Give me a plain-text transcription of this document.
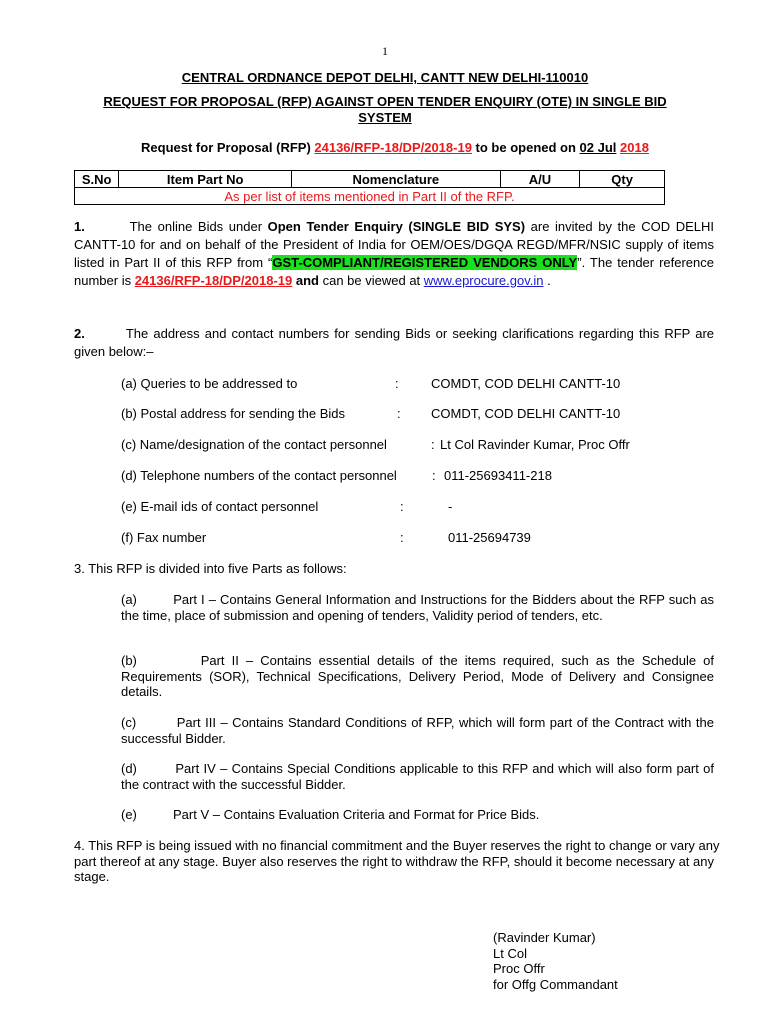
1
CENTRAL ORDNANCE DEPOT DELHI, CANTT NEW DELHI-110010
REQUEST FOR PROPOSAL (RFP) AGAINST OPEN TENDER ENQUIRY (OTE) IN SINGLE BID
SYSTEM
Request for Proposal (RFP) 24136/RFP-18/DP/2018-19 to be opened on 02 Jul 2018
S.No	Item Part No	Nomenclature	A/U	Qty
As per list of items mentioned in Part II of the RFP.
1.	The online Bids under Open Tender Enquiry (SINGLE BID SYS) are invited by the COD DELHI CANTT-10 for and on behalf of the President of India for OEM/OES/DGQA REGD/MFR/NSIC supply of items listed in Part II of this RFP from “GST-COMPLIANT/REGISTERED VENDORS ONLY”. The tender reference number is 24136/RFP-18/DP/2018-19 and can be viewed at www.eprocure.gov.in .
2.	The address and contact numbers for sending Bids or seeking clarifications regarding this RFP are given below:–
(a) Queries to be addressed to	: COMDT, COD DELHI CANTT-10
(b) Postal address for sending the Bids	: COMDT, COD DELHI CANTT-10
(c) Name/designation of the contact personnel	: Lt Col Ravinder Kumar, Proc Offr
(d) Telephone numbers of the contact personnel	: 011-25693411-218
(e) E-mail ids of contact personnel	:	-
(f) Fax number	:	011-25694739
3. This RFP is divided into five Parts as follows:
(a)	Part I – Contains General Information and Instructions for the Bidders about the RFP such as the time, place of submission and opening of tenders, Validity period of tenders, etc.
(b)	Part II – Contains essential details of the items required, such as the Schedule of Requirements (SOR), Technical Specifications, Delivery Period, Mode of Delivery and Consignee details.
(c)	Part III – Contains Standard Conditions of RFP, which will form part of the Contract with the successful Bidder.
(d)	Part IV – Contains Special Conditions applicable to this RFP and which will also form part of the contract with the successful Bidder.
(e)	Part V – Contains Evaluation Criteria and Format for Price Bids.
4. This RFP is being issued with no financial commitment and the Buyer reserves the right to change or vary any part thereof at any stage. Buyer also reserves the right to withdraw the RFP, should it become necessary at any stage.
(Ravinder Kumar)
Lt Col
Proc Offr
for Offg Commandant
